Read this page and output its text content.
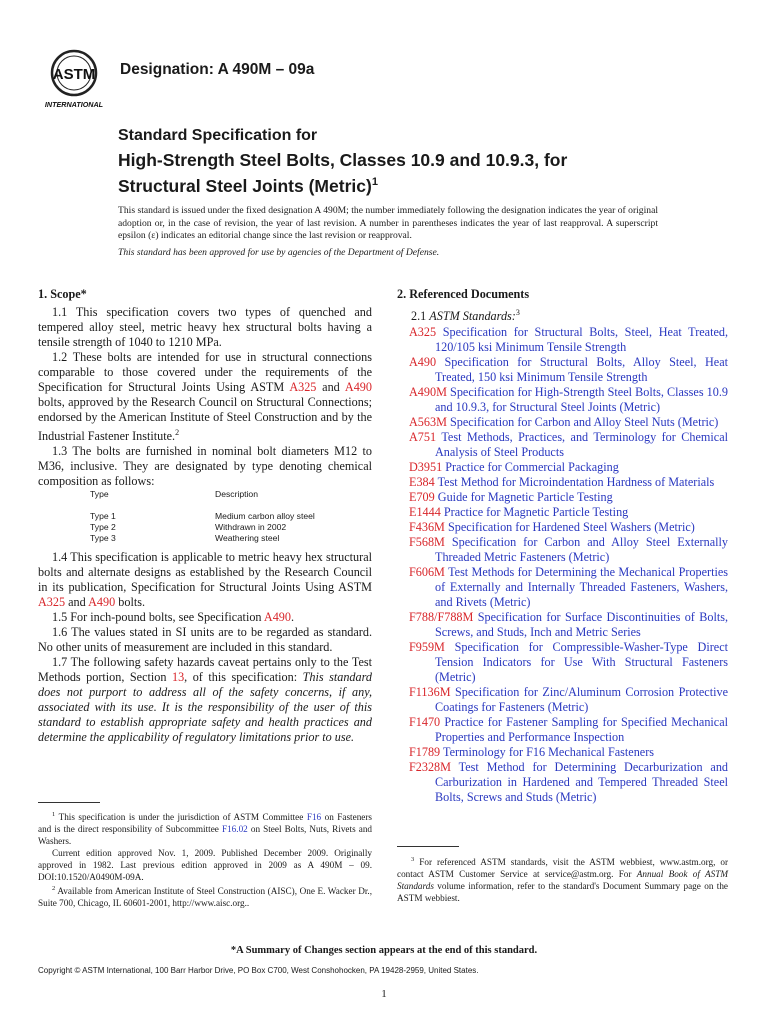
ASTM
INTERNATIONAL
Designation: A 490M – 09a
Standard Specification for
High-Strength Steel Bolts, Classes 10.9 and 10.9.3, for
Structural Steel Joints (Metric)$^1$
This standard is issued under the fixed designation A 490M; the number immediately following the designation indicates the year of original adoption or, in the case of revision, the year of last revision. A number in parentheses indicates the year of last reapproval. A superscript epsilon (ε) indicates an editorial change since the last revision or reapproval.
This standard has been approved for use by agencies of the Department of Defense.

1. Scope*

1.1 This specification covers two types of quenched and tempered alloy steel, metric heavy hex structural bolts having a tensile strength of 1040 to 1210 MPa.

1.2 These bolts are intended for use in structural connections comparable to those covered under the requirements of the Specification for Structural Joints Using ASTM A325 and A490 bolts, approved by the Research Council on Structural Connections; endorsed by the American Institute of Steel Construction and by the Industrial Fastener Institute.$^2$

1.3 The bolts are furnished in nominal bolt diameters M12 to M36, inclusive. They are designated by type denoting chemical composition as follows:

Type	Description
Type 1	Medium carbon alloy steel
Type 2	Withdrawn in 2002
Type 3	Weathering steel

1.4 This specification is applicable to metric heavy hex structural bolts and alternate designs as established by the Research Council in its publication, Specification for Structural Joints Using ASTM A325 and A490 bolts.

1.5 For inch-pound bolts, see Specification A490.

1.6 The values stated in SI units are to be regarded as standard. No other units of measurement are included in this standard.

1.7 The following safety hazards caveat pertains only to the Test Methods portion, Section 13, of this specification: This standard does not purport to address all of the safety concerns, if any, associated with its use. It is the responsibility of the user of this standard to establish appropriate safety and health practices and determine the applicability of regulatory limitations prior to use.

$^1$ This specification is under the jurisdiction of ASTM Committee F16 on Fasteners and is the direct responsibility of Subcommittee F16.02 on Steel Bolts, Nuts, Rivets and Washers.
Current edition approved Nov. 1, 2009. Published December 2009. Originally approved in 1982. Last previous edition approved in 2009 as A 490M – 09. DOI:10.1520/A0490M-09A.
$^2$ Available from American Institute of Steel Construction (AISC), One E. Wacker Dr., Suite 700, Chicago, IL 60601-2001, http://www.aisc.org..

2. Referenced Documents

2.1 ASTM Standards:$^3$

A325 Specification for Structural Bolts, Steel, Heat Treated, 120/105 ksi Minimum Tensile Strength

A490 Specification for Structural Bolts, Alloy Steel, Heat Treated, 150 ksi Minimum Tensile Strength

A490M Specification for High-Strength Steel Bolts, Classes 10.9 and 10.9.3, for Structural Steel Joints (Metric)

A563M Specification for Carbon and Alloy Steel Nuts (Metric)

A751 Test Methods, Practices, and Terminology for Chemical Analysis of Steel Products

D3951 Practice for Commercial Packaging

E384 Test Method for Microindentation Hardness of Materials

E709 Guide for Magnetic Particle Testing

E1444 Practice for Magnetic Particle Testing

F436M Specification for Hardened Steel Washers (Metric)

F568M Specification for Carbon and Alloy Steel Externally Threaded Metric Fasteners (Metric)

F606M Test Methods for Determining the Mechanical Properties of Externally and Internally Threaded Fasteners, Washers, and Rivets (Metric)

F788/F788M Specification for Surface Discontinuities of Bolts, Screws, and Studs, Inch and Metric Series

F959M Specification for Compressible-Washer-Type Direct Tension Indicators for Use With Structural Fasteners (Metric)

F1136M Specification for Zinc/Aluminum Corrosion Protective Coatings for Fasteners (Metric)

F1470 Practice for Fastener Sampling for Specified Mechanical Properties and Performance Inspection

F1789 Terminology for F16 Mechanical Fasteners

F2328M Test Method for Determining Decarburization and Carburization in Hardened and Tempered Threaded Steel Bolts, Screws and Studs (Metric)

$^3$ For referenced ASTM standards, visit the ASTM webbiest, www.astm.org, or contact ASTM Customer Service at service@astm.org. For Annual Book of ASTM Standards volume information, refer to the standard's Document Summary page on the ASTM webbiest.
*A Summary of Changes section appears at the end of this standard.
Copyright © ASTM International, 100 Barr Harbor Drive, PO Box C700, West Conshohocken, PA 19428-2959, United States.
1
